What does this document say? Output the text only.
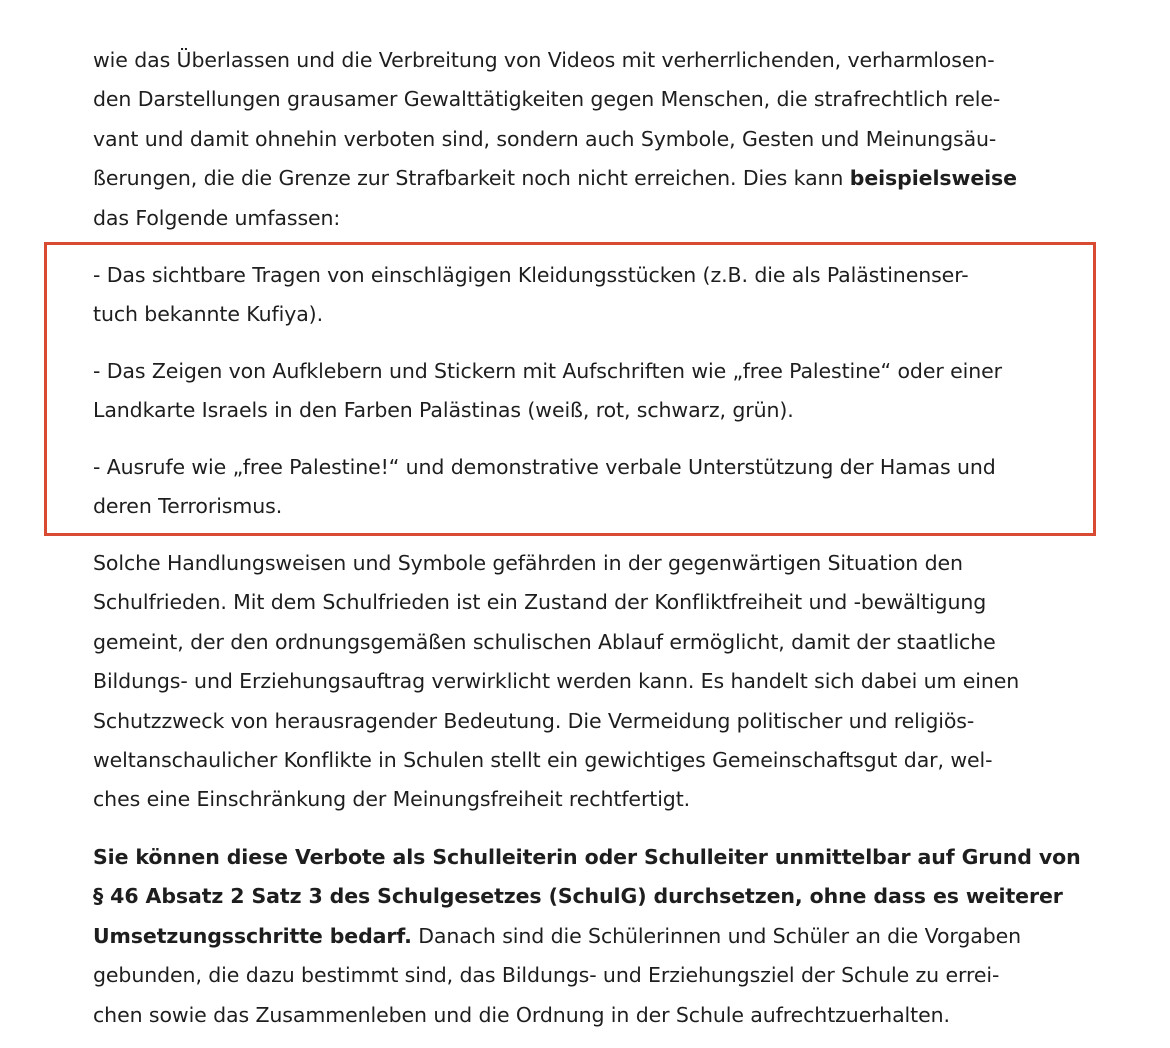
wie das Überlassen und die Verbreitung von Videos mit verherrlichenden, verharmlosen-
den Darstellungen grausamer Gewalttätigkeiten gegen Menschen, die strafrechtlich rele-
vant und damit ohnehin verboten sind, sondern auch Symbole, Gesten und Meinungsäu-
ßerungen, die die Grenze zur Strafbarkeit noch nicht erreichen. Dies kann beispielsweise
das Folgende umfassen:

- Das sichtbare Tragen von einschlägigen Kleidungsstücken (z.B. die als Palästinenser-
tuch bekannte Kufiya).

- Das Zeigen von Aufklebern und Stickern mit Aufschriften wie „free Palestine“ oder einer
Landkarte Israels in den Farben Palästinas (weiß, rot, schwarz, grün).

- Ausrufe wie „free Palestine!“ und demonstrative verbale Unterstützung der Hamas und
deren Terrorismus.

Solche Handlungsweisen und Symbole gefährden in der gegenwärtigen Situation den
Schulfrieden. Mit dem Schulfrieden ist ein Zustand der Konfliktfreiheit und -bewältigung
gemeint, der den ordnungsgemäßen schulischen Ablauf ermöglicht, damit der staatliche
Bildungs- und Erziehungsauftrag verwirklicht werden kann. Es handelt sich dabei um einen
Schutzzweck von herausragender Bedeutung. Die Vermeidung politischer und religiös-
weltanschaulicher Konflikte in Schulen stellt ein gewichtiges Gemeinschaftsgut dar, wel-
ches eine Einschränkung der Meinungsfreiheit rechtfertigt.

Sie können diese Verbote als Schulleiterin oder Schulleiter unmittelbar auf Grund von
§ 46 Absatz 2 Satz 3 des Schulgesetzes (SchulG) durchsetzen, ohne dass es weiterer
Umsetzungsschritte bedarf. Danach sind die Schülerinnen und Schüler an die Vorgaben
gebunden, die dazu bestimmt sind, das Bildungs- und Erziehungsziel der Schule zu errei-
chen sowie das Zusammenleben und die Ordnung in der Schule aufrechtzuerhalten.
